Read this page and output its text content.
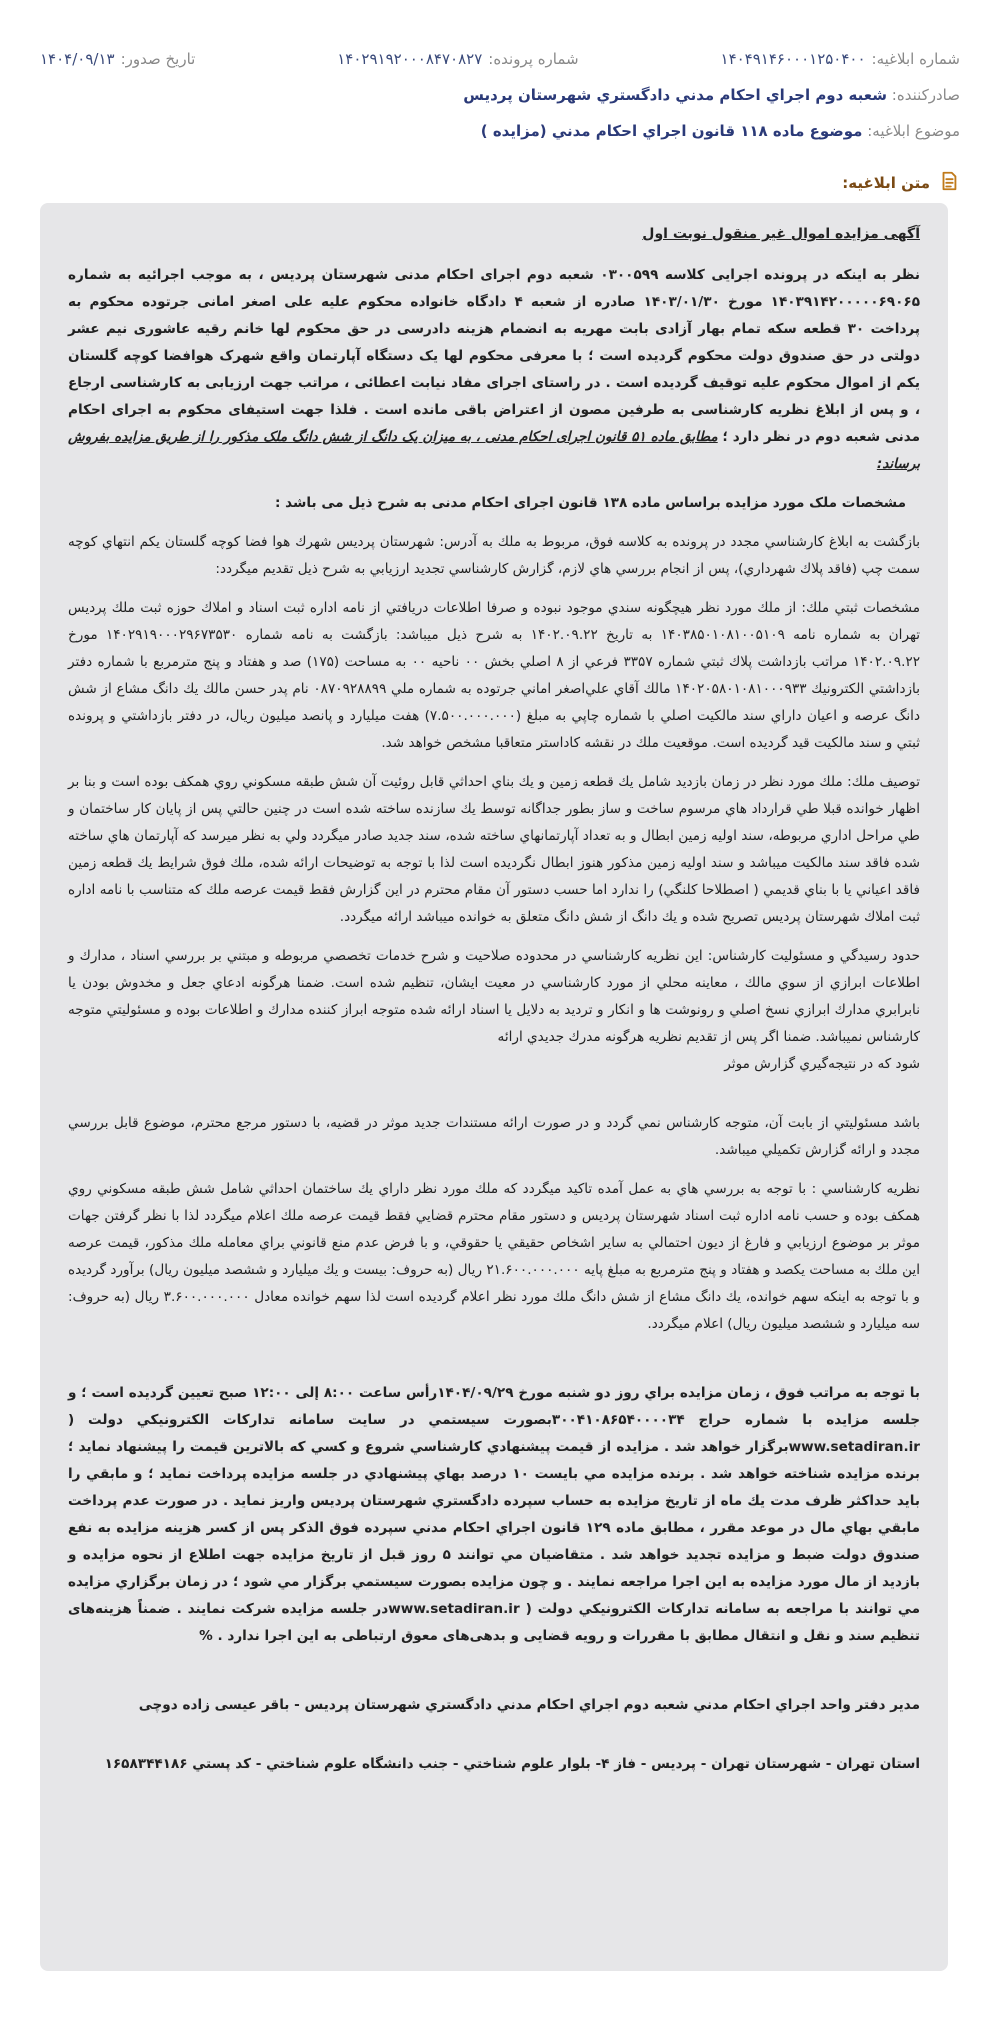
شماره ابلاغیه:
۱۴۰۴۹۱۴۶۰۰۰۱۲۵۰۴۰۰
شماره پرونده:
۱۴۰۲۹۱۹۲۰۰۰۸۴۷۰۸۲۷
تاریخ صدور:
۱۴۰۴/۰۹/۱۳
صادرکننده: شعبه دوم اجراي احکام مدني دادگستري شهرستان پرديس
موضوع ابلاغیه: موضوع ماده ۱۱۸ قانون اجراي احکام مدني (مزايده )
متن ابلاغیه:

آگهی مزایده اموال غیر منقول نوبت اول

نظر به اینکه در پرونده اجرایی کلاسه ۰۳۰۰۵۹۹ شعبه دوم اجرای احکام مدنی شهرستان پردیس ، به موجب اجرائیه به شماره ۱۴۰۳۹۱۴۲۰۰۰۰۰۶۹۰۶۵ مورخ ۱۴۰۳/۰۱/۳۰ صادره از شعبه ۴ دادگاه خانواده محکوم علیه علی اصغر امانی جرتوده محکوم به پرداخت ۳۰ قطعه سکه تمام بهار آزادی بابت مهریه به انضمام هزینه دادرسی در حق محکوم لها خانم رقیه عاشوری نیم عشر دولتی در حق صندوق دولت محکوم گردیده است ؛ با معرفی محکوم لها یک دستگاه آپارتمان واقع شهرک هوافضا کوچه گلستان یکم از اموال محکوم علیه توقیف گردیده است . در راستای اجرای مفاد نیابت اعطائی ، مراتب جهت ارزیابی به کارشناسی ارجاع ، و پس از ابلاغ نظریه کارشناسی به طرفین مصون از اعتراض باقی مانده است . فلذا جهت استیفای محکوم به اجرای احکام مدنی شعبه دوم در نظر دارد ؛ مطابق ماده ۵۱ قانون اجرای احکام مدنی ، به میزان یک دانگ از شش دانگ ملک مذکور را از طریق مزایده بفروش برساند:

مشخصات ملک مورد مزایده براساس ماده ۱۳۸ قانون اجرای احکام مدنی به شرح ذیل می باشد :

بازگشت به ابلاغ كارشناسي مجدد در پرونده به كلاسه فوق، مربوط به ملك به آدرس: شهرستان پرديس شهرك هوا فضا كوچه گلستان يكم انتهاي كوچه سمت چپ (فاقد پلاك شهرداري)، پس از انجام بررسي هاي لازم، گزارش كارشناسي تجديد ارزيابي به شرح ذيل تقديم ميگردد:

مشخصات ثبتي ملك: از ملك مورد نظر هيچگونه سندي موجود نبوده و صرفا اطلاعات دريافتي از نامه اداره ثبت اسناد و املاك حوزه ثبت ملك پرديس تهران به شماره نامه ۱۴۰۳۸۵۰۱۰۸۱۰۰۵۱۰۹ به تاريخ ۱۴۰۲.۰۹.۲۲ به شرح ذيل ميباشد: بازگشت به نامه شماره ۱۴۰۲۹۱۹۰۰۰۲۹۶۷۳۵۳۰ مورخ ۱۴۰۲.۰۹.۲۲ مراتب بازداشت پلاك ثبتي شماره ۳۳۵۷ فرعي از ۸ اصلي بخش ۰۰ ناحيه ۰۰ به مساحت (۱۷۵) صد و هفتاد و پنج مترمربع با شماره دفتر بازداشتي الكترونيك ۱۴۰۲۰۵۸۰۱۰۸۱۰۰۰۹۳۳ مالك آقاي علي‌اصغر اماني جرتوده به شماره ملي ۰۸۷۰۹۲۸۸۹۹ نام پدر حسن مالك يك دانگ مشاع از شش دانگ عرصه و اعيان داراي سند مالكيت اصلي با شماره چاپي به مبلغ (۷.۵۰۰.۰۰۰.۰۰۰) هفت ميليارد و پانصد ميليون ريال، در دفتر بازداشتي و پرونده ثبتي و سند مالكيت قيد گرديده است. موقعيت ملك در نقشه كاداستر متعاقبا مشخص خواهد شد.

توصيف ملك: ملك مورد نظر در زمان بازديد شامل يك قطعه زمين و يك بناي احداثي قابل روئيت آن شش طبقه مسكوني روي همكف بوده است و بنا بر اظهار خوانده قبلا طي قرارداد هاي مرسوم ساخت و ساز بطور جداگانه توسط يك سازنده ساخته شده است در چنين حالتي پس از پايان كار ساختمان و طي مراحل اداري مربوطه، سند اوليه زمين ابطال و به تعداد آپارتمانهاي ساخته شده، سند جديد صادر ميگردد ولي به نظر ميرسد كه آپارتمان هاي ساخته شده فاقد سند مالكيت ميباشد و سند اوليه زمين مذكور هنوز ابطال نگرديده است لذا با توجه به توضيحات ارائه شده، ملك فوق شرايط يك قطعه زمين فاقد اعياني يا با بناي قديمي ( اصطلاحا كلنگي) را ندارد اما حسب دستور آن مقام محترم در اين گزارش فقط قيمت عرصه ملك كه متناسب با نامه اداره ثبت املاك شهرستان پرديس تصريح شده و يك دانگ از شش دانگ متعلق به خوانده ميباشد ارائه ميگردد.

حدود رسيدگي و مسئوليت كارشناس: اين نظريه كارشناسي در محدوده صلاحيت و شرح خدمات تخصصي مربوطه و مبتني بر بررسي اسناد ، مدارك و اطلاعات ابرازي از سوي مالك ، معاينه محلي از مورد كارشناسي در معيت ايشان، تنظيم شده است. ضمنا هرگونه ادعاي جعل و مخدوش بودن يا نابرابري مدارك ابرازي نسخ اصلي و رونوشت ها و انكار و ترديد به دلايل يا اسناد ارائه شده متوجه ابراز كننده مدارك و اطلاعات بوده و مسئوليتي متوجه كارشناس نميباشد. ضمنا اگر پس از تقديم نظريه هرگونه مدرك جديدي ارائه
شود كه در نتيجه‌گيري گزارش موثر

باشد مسئوليتي از بابت آن، متوجه كارشناس نمي گردد و در صورت ارائه مستندات جديد موثر در قضيه، با دستور مرجع محترم، موضوع قابل بررسي مجدد و ارائه گزارش تكميلي ميباشد.

نظريه كارشناسي : با توجه به بررسي هاي به عمل آمده تاكيد ميگردد كه ملك مورد نظر داراي يك ساختمان احداثي شامل شش طبقه مسكوني روي همكف بوده و حسب نامه اداره ثبت اسناد شهرستان پرديس و دستور مقام محترم قضايي فقط قيمت عرصه ملك اعلام ميگردد لذا با نظر گرفتن جهات موثر بر موضوع ارزيابي و فارغ از ديون احتمالي به ساير اشخاص حقيقي يا حقوقي، و با فرض عدم منع قانوني براي معامله ملك مذكور، قيمت عرصه اين ملك به مساحت يكصد و هفتاد و پنج مترمربع به مبلغ پايه ۲۱.۶۰۰.۰۰۰.۰۰۰ ريال (به حروف: بيست و يك ميليارد و ششصد ميليون ريال) برآورد گرديده و با توجه به اينكه سهم خوانده، يك دانگ مشاع از شش دانگ ملك مورد نظر اعلام گرديده است لذا سهم خوانده معادل ۳.۶۰۰.۰۰۰.۰۰۰ ريال (به حروف: سه ميليارد و ششصد ميليون ريال) اعلام ميگردد.

با توجه به مراتب فوق ، زمان مزايده براي روز دو شنبه مورخ ۱۴۰۴/۰۹/۲۹رأس ساعت ۸:۰۰ إلی ۱۲:۰۰ صبح تعيين گرديده است ؛ و جلسه مزايده با شماره حراج ۳۰۰۴۱۰۸۶۵۴۰۰۰۰۳۴بصورت سيستمي در سايت سامانه تداركات الكترونيكي دولت ( www.setadiran.irبرگزار خواهد شد . مزايده از قيمت پيشنهادي كارشناسي شروع و كسي كه بالاترين قيمت را پيشنهاد نمايد ؛ برنده مزايده شناخته خواهد شد . برنده مزايده مي بايست ۱۰ درصد بهاي پيشنهادي در جلسه مزايده پرداخت نمايد ؛ و مابقي را بايد حداكثر ظرف مدت يك ماه از تاريخ مزايده به حساب سپرده دادگستري شهرستان پرديس واريز نمايد . در صورت عدم پرداخت مابقي بهاي مال در موعد مقرر ، مطابق ماده ۱۲۹ قانون اجراي احكام مدني سپرده فوق الذكر پس از كسر هزينه مزايده به نفع صندوق دولت ضبط و مزايده تجديد خواهد شد . متقاضيان مي توانند ۵ روز قبل از تاريخ مزايده جهت اطلاع از نحوه مزايده و بازديد از مال مورد مزايده به اين اجرا مراجعه نمايند . و چون مزايده بصورت سيستمي برگزار مي شود ؛ در زمان برگزاري مزايده مي توانند با مراجعه به سامانه تداركات الكترونيكي دولت ( www.setadiran.irدر جلسه مزايده شركت نمايند . ضمناً هزینه‌های تنظیم سند و نقل و انتقال مطابق با مقررات و رویه قضایی و بدهی‌های معوق ارتباطی به این اجرا ندارد . %

مدير دفتر واحد اجراي احكام مدني شعبه دوم اجراي احكام مدني دادگستري شهرستان پرديس - باقر عيسى زاده دوچی

استان تهران - شهرستان تهران - پرديس - فاز ۴- بلوار علوم شناختي - جنب دانشگاه علوم شناختي - كد پستي ۱۶۵۸۳۴۴۱۸۶
